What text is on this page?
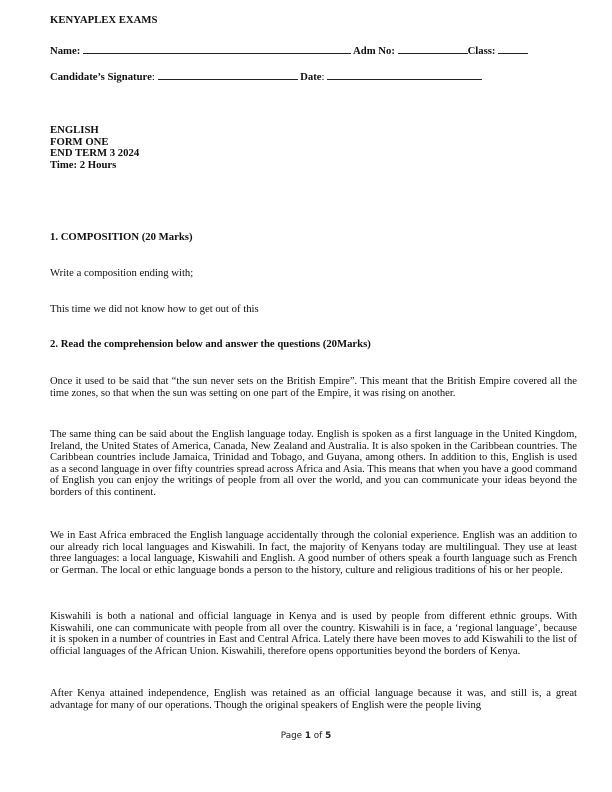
KENYAPLEX EXAMS
Name:	Adm No:	Class:
Candidate’s Signature:	Date:
ENGLISH
FORM ONE
END TERM 3 2024
Time: 2 Hours
1. COMPOSITION (20 Marks)
Write a composition ending with;
This time we did not know how to get out of this
2. Read the comprehension below and answer the questions (20Marks)
Once it used to be said that “the sun never sets on the British Empire”. This meant that the British Empire covered all the time zones, so that when the sun was setting on one part of the Empire, it was rising on another.
The same thing can be said about the English language today. English is spoken as a first language in the United Kingdom, Ireland, the United States of America, Canada, New Zealand and Australia. It is also spoken in the Caribbean countries. The Caribbean countries include Jamaica, Trinidad and Tobago, and Guyana, among others. In addition to this, English is used as a second language in over fifty countries spread across Africa and Asia. This means that when you have a good command of English you can enjoy the writings of people from all over the world, and you can communicate your ideas beyond the borders of this continent.
We in East Africa embraced the English language accidentally through the colonial experience. English was an addition to our already rich local languages and Kiswahili. In fact, the majority of Kenyans today are multilingual. They use at least three languages: a local language, Kiswahili and English. A good number of others speak a fourth language such as French or German. The local or ethic language bonds a person to the history, culture and religious traditions of his or her people.
Kiswahili is both a national and official language in Kenya and is used by people from different ethnic groups. With Kiswahili, one can communicate with people from all over the country. Kiswahili is in face, a ‘regional language’, because it is spoken in a number of countries in East and Central Africa. Lately there have been moves to add Kiswahili to the list of official languages of the African Union. Kiswahili, therefore opens opportunities beyond the borders of Kenya.
After Kenya attained independence, English was retained as an official language because it was, and still is, a great advantage for many of our operations. Though the original speakers of English were the people living
Page 1 of 5
